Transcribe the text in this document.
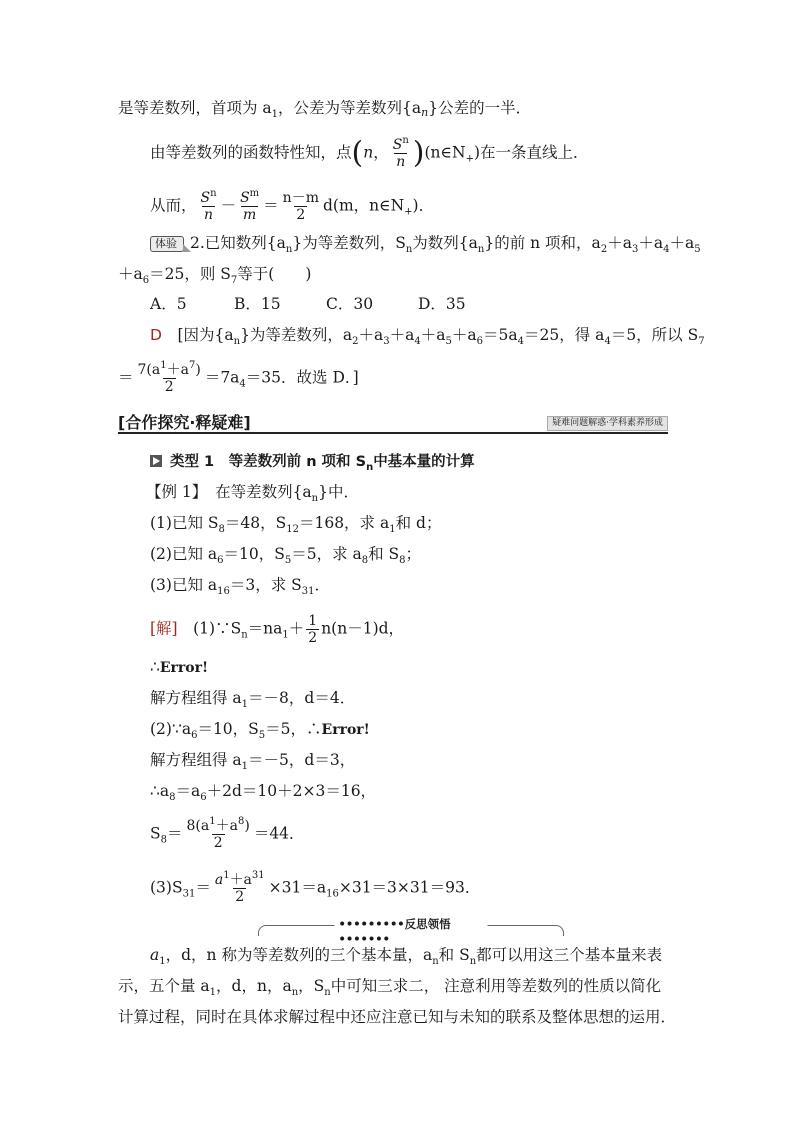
是等差数列，首项为 $a_1$，公差为等差数列{an}公差的一半．
由等差数列的函数特性知，点(n， $\frac{S^n}{n}$ )$(n\in N_+)$在一条直线上．
从而， $\frac{S^n}{n} - \frac{S^m}{m} = \frac{n-m}{2} d(m$，$n\in N_+$)．
体验 2.已知数列$\{a_n\}$为等差数列，$S_n$为数列$\{a_n\}$的前 n 项和，$a_2+a_3+a_4+a_5$
$+a_6=25$，则 $S_7$等于(　　)
A．5	B．15	C．30	D．35
D　 [因为$\{a_n\}$为等差数列，$a_2+a_3+a_4+a_5+a_6=5a_4=25$，得 $a_4=5$，所以 $S_7$
＝ $\frac{7(a^1+a^7)}{2} =7a_4=35$．故选 D．]
[合作探究·释疑难]	疑难问题解惑·学科素养形成
类型 1　 等差数列前 n 项和 $S_n$中基本量的计算
【例 1】　 在等差数列$\{a_n\}$中．
(1)已知 $S_8=48$，$S_{12}=168$，求 $a_1$和 d；
(2)已知 $a_6=10$，$S_5=5$，求 $a_8$和 $S_8$；
(3)已知 $a_{16}=3$，求 $S_{31}$．
[解]　 $(1)\because S_n=na_1+ \frac{1}{2} n(n-1)d$，
∴Error!
解方程组得 $a_1=-8$，d＝4．
$(2)\because a_6=10$，$S_5=5$，∴Error!
解方程组得 $a_1=-5$，d＝3，
$\therefore a_8=a_6+2d=10+2\times 3=16$，
$S_8= \frac{8(a^1+a^8)}{2} =44$．
$(3)S_{31}= \frac{a^1+a^{31}}{2} \times 31=a_{16}\times 31=3\times 31=93$．
•••••••••反思领悟•••••••
$a_1$，d，n 称为等差数列的三个基本量，$a_n$和 $S_n$都可以用这三个基本量来表
示，五个量 $a_1$，d，n，$a_n$，$S_n$中可知三求二， 注意利用等差数列的性质以简化
计算过程，同时在具体求解过程中还应注意已知与未知的联系及整体思想的运用．
